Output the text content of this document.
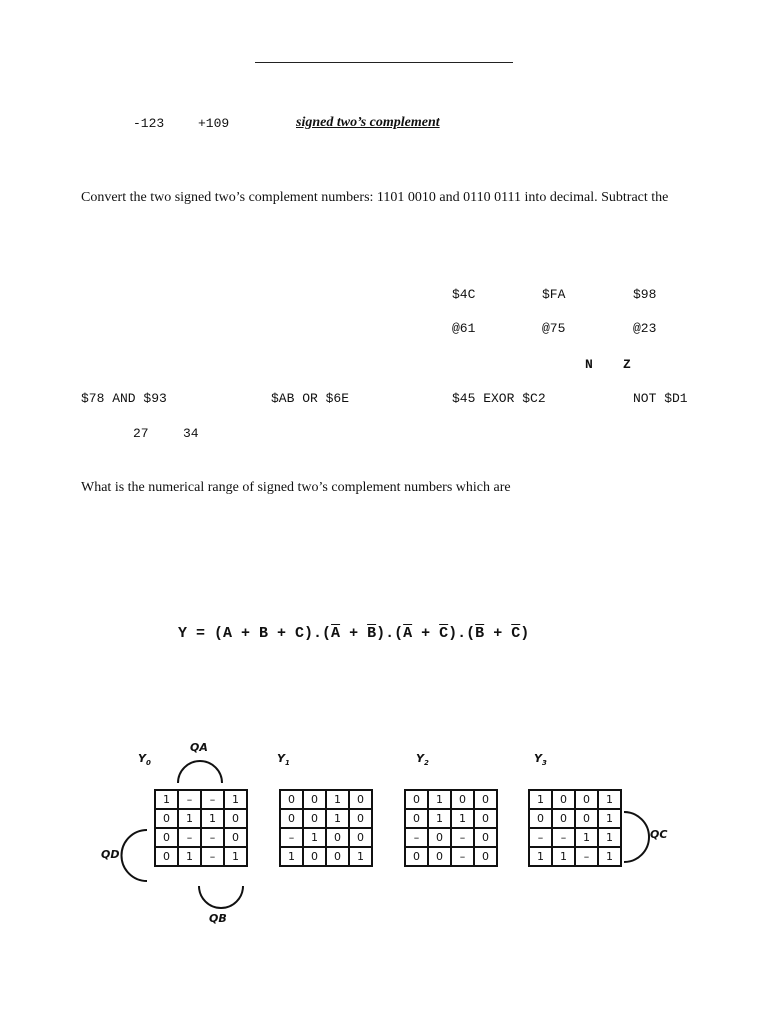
-123	+109	signed two’s complement
Convert the two signed two’s complement numbers: 1101 0010 and 0110 0111 into decimal. Subtract the
$4C	$FA	$98
@61	@75	@23
N Z
$78 AND $93	$AB OR $6E	$45 EXOR $C2	NOT $D1
27	34
What is the numerical range of signed two’s complement numbers which are
$Y = (A + B + C).(\overline{A} + \overline{B}).(\overline{A} + \overline{C}).(\overline{B} + \overline{C})$
$Y_0$	$Y_1$	$Y_2$	$Y_3$
QA
QD
QB
QC
1	–	–	1
0	1	1	0
0	–	–	0
0	1	–	1
0	0	1	0
0	0	1	0
–	1	0	0
1	0	0	1
0	1	0	0
0	1	1	0
–	0	–	0
0	0	–	0
1	0	0	1
0	0	0	1
–	–	1	1
1	1	–	1
